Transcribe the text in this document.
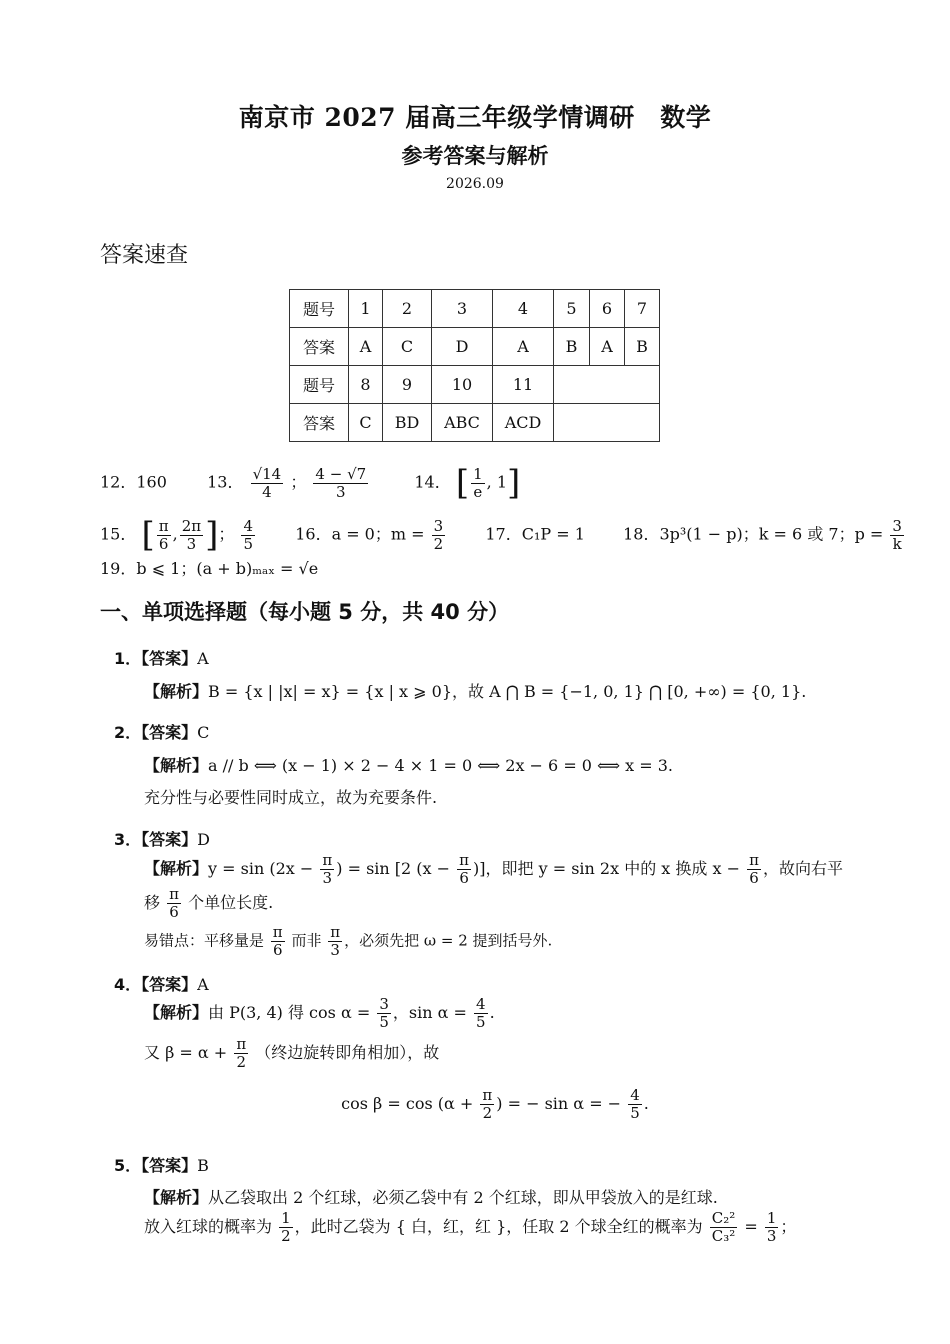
南京市 2027 届高三年级学情调研　数学
参考答案与解析
2026.09
答案速查
题号	1	2	3	4	5	6	7
答案	A	C	D	A	B	A	B
题号	8	9	10	11			
答案	C	BD	ABC	ACD			
12．160	13． $\frac{√14}{4}$ ； $\frac{4 - √7}{3}$	14． [ $\frac{1}{e}$ , 1]
15． [ $\frac{\pi}{6}$ , $\frac{2\pi}{3}$ ]； $\frac{4}{5}$	16．a = 0；$m = \frac{3}{2}$	17．C₁P = 1 18．3p³(1 − p)；k = 6 或 7；$p = \frac{3}{k}$
19．b ⩽ 1；(a + b)ₘₐₓ = √e
一、单项选择题（每小题 5 分，共 40 分）
1．【答案】A
【解析】B = {x | |x| = x} = {x | x ⩾ 0}，故 A ⋂ B = {−1, 0, 1} ⋂ [0, +∞) = {0, 1}.
2．【答案】C
【解析】a // b ⟺ (x − 1) × 2 − 4 × 1 = 0 ⟺ 2x − 6 = 0 ⟺ x = 3.
充分性与必要性同时成立，故为充要条件.
3．【答案】D
【解析】$y = \sin (2x - \frac{\pi}{3}$ ) = sin [2 ($x - \frac{\pi}{6}$ )]，即把 y = sin 2x 中的 x 换成 $x - \frac{\pi}{6}$ ，故向右平
移 $\frac{\pi}{6}$ 个单位长度.
易错点：平移量是 $\frac{\pi}{6}$ 而非 $\frac{\pi}{3}$ ，必须先把 ω = 2 提到括号外.
4．【答案】A
【解析】由 P(3, 4) 得 $\cos \alpha = \frac{3}{5}$ ，$\sin \alpha = \frac{4}{5}$ .
又 $\beta = \alpha + \frac{\pi}{2}$ （终边旋转即角相加），故
$\cos \beta = \cos (\alpha + \frac{\pi}{2}$ ) = − sin α = − $\frac{4}{5}$ .
5．【答案】B
【解析】从乙袋取出 2 个红球，必须乙袋中有 2 个红球，即从甲袋放入的是红球.
放入红球的概率为 $\frac{1}{2}$ ，此时乙袋为 { 白，红，红 }，任取 2 个球全红的概率为 $\frac{\text{C₂²}}{\text{C₃²}} = \frac{1}{3}$ ；
